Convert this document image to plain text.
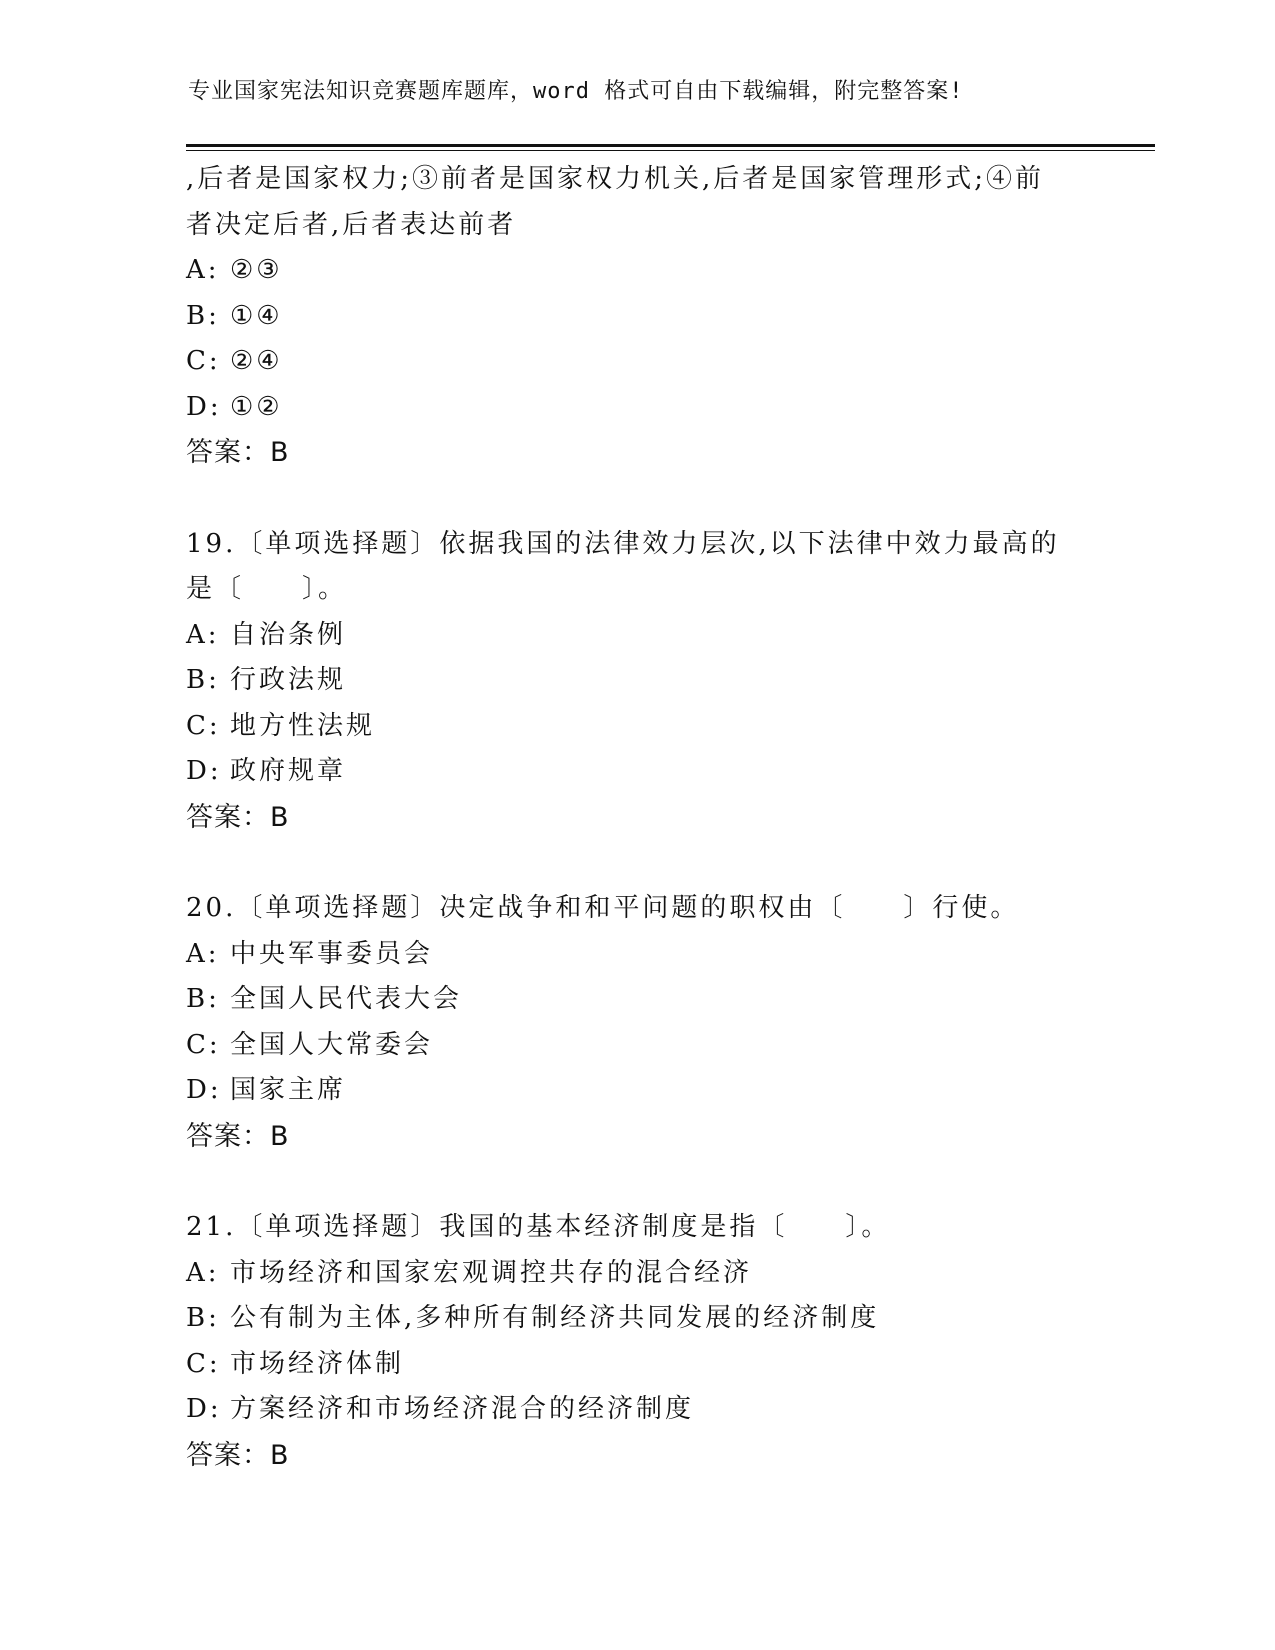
专业国家宪法知识竞赛题库题库，word 格式可自由下载编辑，附完整答案!
,后者是国家权力;③前者是国家权力机关,后者是国家管理形式;④前
者决定后者,后者表达前者
A: ②③
B: ①④
C: ②④
D: ①②
答案：B
19.〔单项选择题〕依据我国的法律效力层次,以下法律中效力最高的
是〔　　〕。
A: 自治条例
B: 行政法规
C: 地方性法规
D: 政府规章
答案：B
20.〔单项选择题〕决定战争和和平问题的职权由〔　　〕行使。
A: 中央军事委员会
B: 全国人民代表大会
C: 全国人大常委会
D: 国家主席
答案：B
21.〔单项选择题〕我国的基本经济制度是指〔　　〕。
A: 市场经济和国家宏观调控共存的混合经济
B: 公有制为主体,多种所有制经济共同发展的经济制度
C: 市场经济体制
D: 方案经济和市场经济混合的经济制度
答案：B
